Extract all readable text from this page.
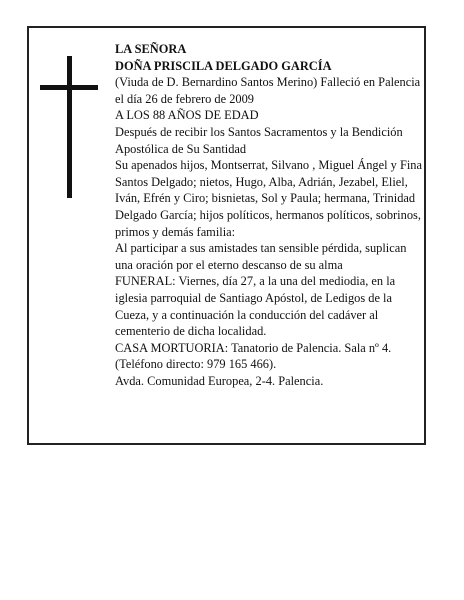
LA SEÑORA

DOÑA PRISCILA DELGADO GARCÍA

(Viuda de D. Bernardino Santos Merino) Falleció en Palencia el día 26 de febrero de 2009

A LOS 88 AÑOS DE EDAD

Después de recibir los Santos Sacramentos y la Bendición Apostólica de Su Santidad

Su apenados hijos, Montserrat, Silvano , Miguel Ángel y Fina Santos Delgado; nietos, Hugo, Alba, Adrián, Jezabel, Eliel, Iván, Efrén y Ciro; bisnietas, Sol y Paula; hermana, Trinidad Delgado García; hijos políticos, hermanos políticos, sobrinos, primos y demás familia:

Al participar a sus amistades tan sensible pérdida, suplican una oración por el eterno descanso de su alma

FUNERAL: Viernes, día 27, a la una del mediodia, en la iglesia parroquial de Santiago Apóstol, de Ledigos de la Cueza, y a continuación la conducción del cadáver al cementerio de dicha localidad.

CASA MORTUORIA: Tanatorio de Palencia. Sala nº 4. (Teléfono directo: 979 165 466).

Avda. Comunidad Europea, 2-4. Palencia.
